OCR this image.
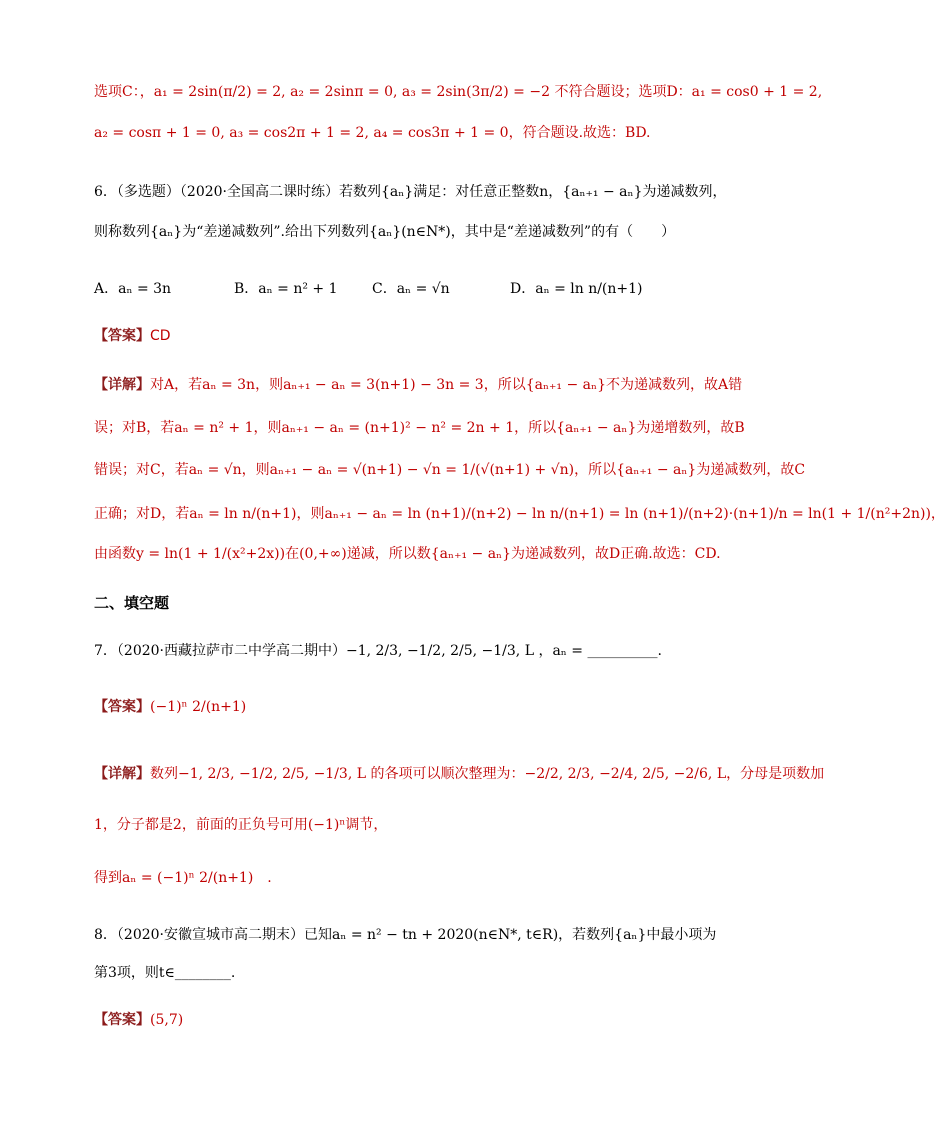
选项C：，a₁ = 2sin(π/2) = 2, a₂ = 2sinπ = 0, a₃ = 2sin(3π/2) = −2 不符合题设；选项D：a₁ = cos0 + 1 = 2,
a₂ = cosπ + 1 = 0, a₃ = cos2π + 1 = 2, a₄ = cos3π + 1 = 0，符合题设.故选：BD.
6．（多选题）（2020·全国高二课时练）若数列{aₙ}满足：对任意正整数n，{aₙ₊₁ − aₙ}为递减数列，
则称数列{aₙ}为“差递减数列”.给出下列数列{aₙ}(n∈N*)，其中是“差递减数列”的有（　　）
A．aₙ = 3n	B．aₙ = n² + 1 C．aₙ = √n	D．aₙ = ln n/(n+1)
【答案】CD
【详解】对A，若aₙ = 3n，则aₙ₊₁ − aₙ = 3(n+1) − 3n = 3，所以{aₙ₊₁ − aₙ}不为递减数列，故A错
误；对B，若aₙ = n² + 1，则aₙ₊₁ − aₙ = (n+1)² − n² = 2n + 1，所以{aₙ₊₁ − aₙ}为递增数列，故B
错误；对C，若aₙ = √n，则aₙ₊₁ − aₙ = √(n+1) − √n = 1/(√(n+1) + √n)，所以{aₙ₊₁ − aₙ}为递减数列，故C
正确；对D，若aₙ = ln n/(n+1)，则aₙ₊₁ − aₙ = ln (n+1)/(n+2) − ln n/(n+1) = ln (n+1)/(n+2)·(n+1)/n = ln(1 + 1/(n²+2n))，
由函数y = ln(1 + 1/(x²+2x))在(0,+∞)递减，所以数{aₙ₊₁ − aₙ}为递减数列，故D正确.故选：CD.
二、填空题
7．（2020·西藏拉萨市二中学高二期中）−1, 2/3, −1/2, 2/5, −1/3, L ，aₙ = __________.
【答案】(−1)ⁿ 2/(n+1)
【详解】数列−1, 2/3, −1/2, 2/5, −1/3, L 的各项可以顺次整理为：−2/2, 2/3, −2/4, 2/5, −2/6, L，分母是项数加
1，分子都是2，前面的正负号可用(−1)ⁿ调节，
得到aₙ = (−1)ⁿ 2/(n+1)　.
8．（2020·安徽宣城市高二期末）已知aₙ = n² − tn + 2020(n∈N*, t∈R)，若数列{aₙ}中最小项为
第3项，则t∈________.
【答案】(5,7)
